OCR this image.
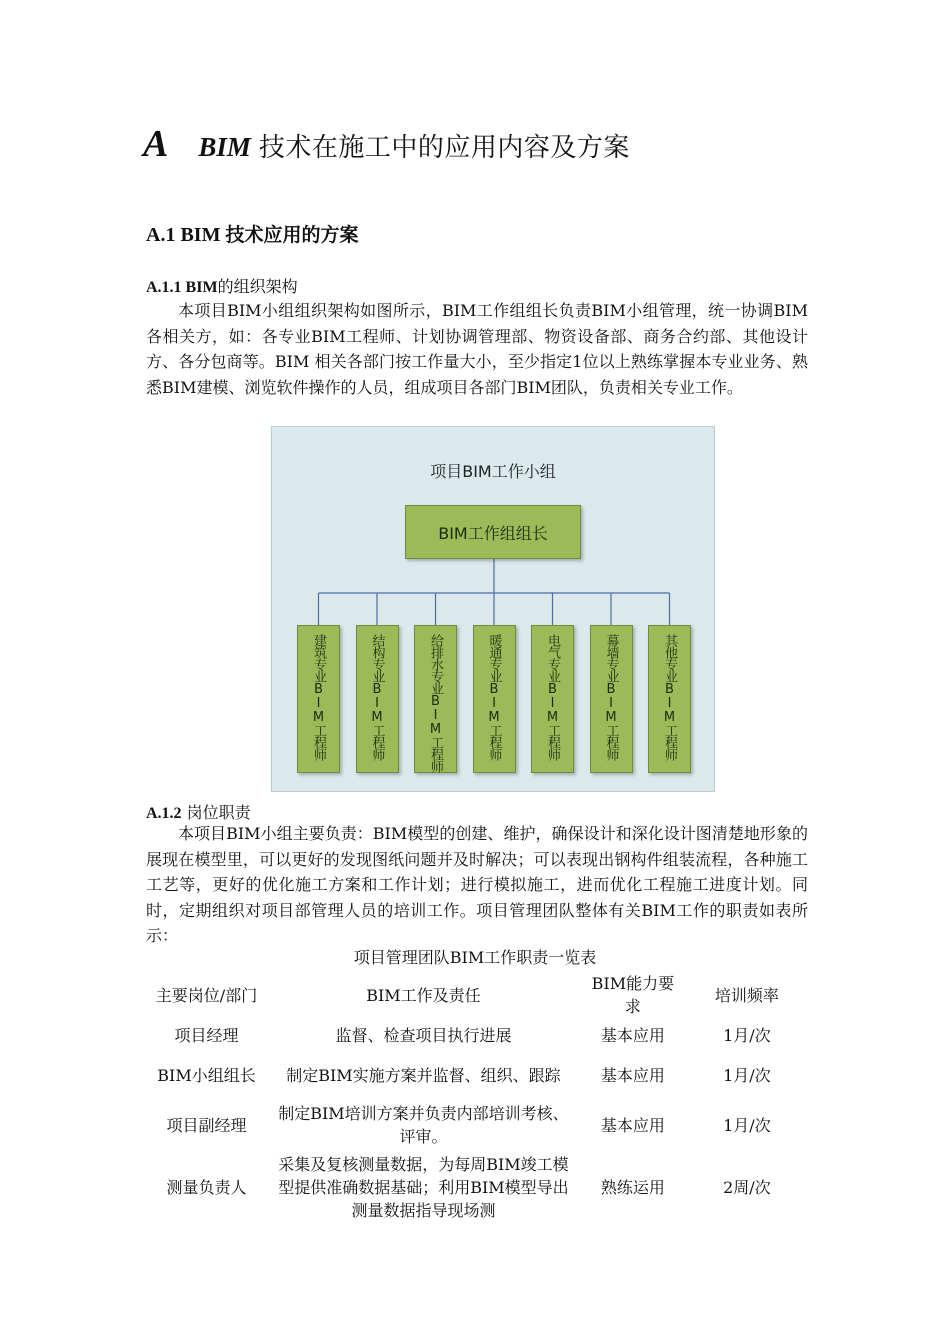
A BIM 技术在施工中的应用内容及方案
A.1 BIM 技术应用的方案
A.1.1 BIM的组织架构
本项目BIM小组组织架构如图所示，BIM工作组组长负责BIM小组管理，统一协调BIM各相关方，如：各专业BIM工程师、计划协调管理部、物资设备部、商务合约部、其他设计方、各分包商等。BIM 相关各部门按工作量大小，至少指定1位以上熟练掌握本专业业务、熟悉BIM建模、浏览软件操作的人员，组成项目各部门BIM团队，负责相关专业工作。
项目BIM工作小组
BIM工作组组长
建筑专业BIM工程师	结构专业BIM工程师	给排水专业BIM工程师	暖通专业BIM工程师	电气专业BIM工程师	幕墙专业BIM工程师	其他专业BIM工程师
A.1.2 岗位职责
本项目BIM小组主要负责：BIM模型的创建、维护，确保设计和深化设计图清楚地形象的展现在模型里，可以更好的发现图纸问题并及时解决；可以表现出钢构件组装流程，各种施工工艺等，更好的优化施工方案和工作计划；进行模拟施工，进而优化工程施工进度计划。同时，定期组织对项目部管理人员的培训工作。项目管理团队整体有关BIM工作的职责如表所示：
项目管理团队BIM工作职责一览表
主要岗位/部门	BIM工作及责任	BIM能力要求	培训频率
项目经理	监督、检查项目执行进展	基本应用	1月/次
BIM小组组长	制定BIM实施方案并监督、组织、跟踪	基本应用	1月/次
项目副经理	制定BIM培训方案并负责内部培训考核、评审。	基本应用	1月/次
测量负责人	采集及复核测量数据，为每周BIM竣工模型提供准确数据基础；利用BIM模型导出测量数据指导现场测	熟练运用	2周/次
